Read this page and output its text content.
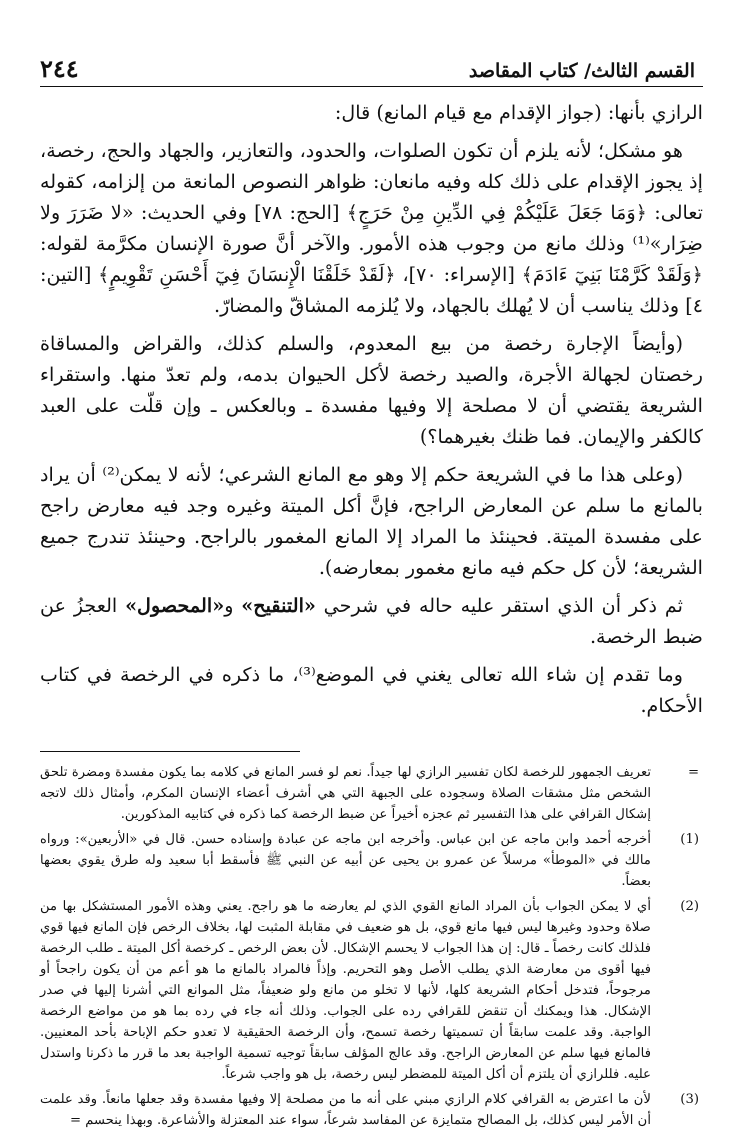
القسم الثالث/ كتاب المقاصد
٢٤٤

الرازي بأنها: (جواز الإقدام مع قيام المانع) قال:

هو مشكل؛ لأنه يلزم أن تكون الصلوات، والحدود، والتعازير، والجهاد والحج، رخصة، إذ يجوز الإقدام على ذلك كله وفيه مانعان: ظواهر النصوص المانعة من إلزامه، كقوله تعالى: ﴿وَمَا جَعَلَ عَلَيْكُمْ فِي الدِّينِ مِنْ حَرَجٍ﴾ [الحج: ٧٨] وفي الحديث: «لا ضَرَرَ ولا ضِرَار»⁽¹⁾ وذلك مانع من وجوب هذه الأمور. والآخر أنَّ صورة الإنسان مكرَّمة لقوله: ﴿وَلَقَدْ كَرَّمْنَا بَنِيٓ ءَادَمَ﴾ [الإسراء: ٧٠]، ﴿لَقَدْ خَلَقْنَا الْإِنسَانَ فِيٓ أَحْسَنِ تَقْوِيمٍ﴾ [التين: ٤] وذلك يناسب أن لا يُهلك بالجهاد، ولا يُلزمه المشاقّ والمضارّ.

(وأيضاً الإجارة رخصة من بيع المعدوم، والسلم كذلك، والقراض والمساقاة رخصتان لجهالة الأجرة، والصيد رخصة لأكل الحيوان بدمه، ولم تعدّ منها. واستقراء الشريعة يقتضي أن لا مصلحة إلا وفيها مفسدة ـ وبالعكس ـ وإن قلّت على العبد كالكفر والإيمان. فما ظنك بغيرهما؟)

(وعلى هذا ما في الشريعة حكم إلا وهو مع المانع الشرعي؛ لأنه لا يمكن⁽²⁾ أن يراد بالمانع ما سلم عن المعارض الراجح، فإنَّ أكل الميتة وغيره وجد فيه معارض راجح على مفسدة الميتة. فحينئذ ما المراد إلا المانع المغمور بالراجح. وحينئذ تندرج جميع الشريعة؛ لأن كل حكم فيه مانع مغمور بمعارضه).

ثم ذكر أن الذي استقر عليه حاله في شرحي «التنقيح» و«المحصول» العجزُ عن ضبط الرخصة.

وما تقدم إن شاء الله تعالى يغني في الموضع⁽³⁾، ما ذكره في الرخصة في كتاب الأحكام.

=
تعريف الجمهور للرخصة لكان تفسير الرازي لها جيداً. نعم لو فسر المانع في كلامه بما يكون مفسدة ومضرة تلحق الشخص مثل مشقات الصلاة وسجوده على الجبهة التي هي أشرف أعضاء الإنسان المكرم، وأمثال ذلك لاتجه إشكال القرافي على هذا التفسير ثم عجزه أخيراً عن ضبط الرخصة كما ذكره في كتابيه المذكورين.
(1)
أخرجه أحمد وابن ماجه عن ابن عباس. وأخرجه ابن ماجه عن عبادة وإسناده حسن. قال في «الأربعين»: ورواه مالك في «الموطأ» مرسلاً عن عمرو بن يحيى عن أبيه عن النبي ﷺ فأسقط أبا سعيد وله طرق يقوي بعضها بعضاً.
(2)
أي لا يمكن الجواب بأن المراد المانع القوي الذي لم يعارضه ما هو راجح. يعني وهذه الأمور المستشكل بها من صلاة وحدود وغيرها ليس فيها مانع قوي، بل هو ضعيف في مقابلة المثبت لها، بخلاف الرخص فإن المانع فيها قوي فلذلك كانت رخصاً ـ قال: إن هذا الجواب لا يحسم الإشكال. لأن بعض الرخص ـ كرخصة أكل الميتة ـ طلب الرخصة فيها أقوى من معارضة الذي يطلب الأصل وهو التحريم. وإذاً فالمراد بالمانع ما هو أعم من أن يكون راجحاً أو مرجوحاً، فتدخل أحكام الشريعة كلها، لأنها لا تخلو من مانع ولو ضعيفاً، مثل الموانع التي أشرنا إليها في صدر الإشكال. هذا ويمكنك أن تنقض للقرافي رده على الجواب. وذلك أنه جاء في رده بما هو من مواضع الرخصة الواجبة. وقد علمت سابقاً أن تسميتها رخصة تسمح، وأن الرخصة الحقيقية لا تعدو حكم الإباحة بأحد المعنيين. فالمانع فيها سلم عن المعارض الراجح. وقد عالج المؤلف سابقاً توجيه تسمية الواجبة بعد ما قرر ما ذكرنا واستدل عليه. فللرازي أن يلتزم أن أكل الميتة للمضطر ليس رخصة، بل هو واجب شرعاً.
(3)
لأن ما اعترض به القرافي كلام الرازي مبني على أنه ما من مصلحة إلا وفيها مفسدة وقد جعلها مانعاً. وقد علمت أن الأمر ليس كذلك، بل المصالح متمايزة عن المفاسد شرعاً، سواء عند المعتزلة والأشاعرة. وبهذا ينحسم =
